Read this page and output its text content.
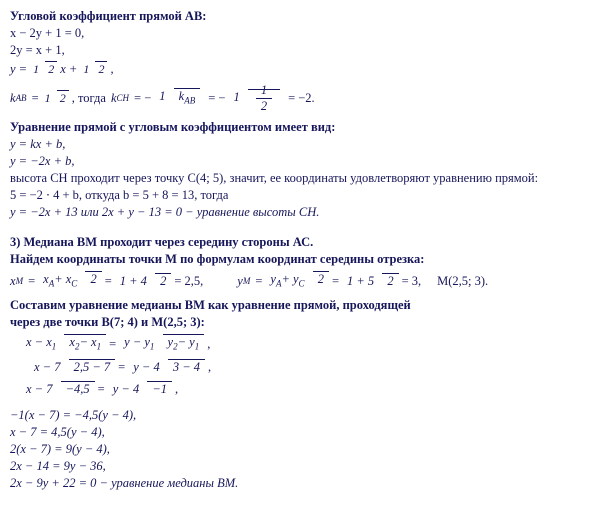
Угловой коэффициент прямой АВ:
х − 2у + 1 = 0,
2у = х + 1,
у = 1 2 х + 1 2 ,
k АВ = 1 2 , тогда k СН = − 1 $k_{АВ}$	= − $1 \frac{1}{2} = -2$.
Уравнение прямой с угловым коэффициентом имеет вид:
у = kх + b,
у = −2х + b,
высота СН проходит через точку С(4; 5), значит, ее координаты удовлетворяют уравнению прямой:
5 = −2 ⋅ 4 + b, откуда b = 5 + 8 = 13, тогда
у = −2х + 13 или 2х + у − 13 = 0 − уравнение высоты СН.
3) Медиана ВМ проходит через середину стороны АС.
Найдем координаты точки М по формулам координат середины отрезка:
х $М = х_А+ х_С$ 2 = 1 + 4 2 = 2,5,	у $М = у_А+ у_С$ 2 = 1 + 5 2 = 3, М(2,5; 3).
Составим уравнение медианы ВМ как уравнение прямой, проходящей
через две точки В(7; 4) и М(2,5; 3):
$х - х_1$ $х_2- х_1 = у - у_1$ $у_2- у_1$ ,
х − 7 2,5 − 7 = у − 4 3 − 4 ,
х − 7 −4,5 = у − 4 −1 ,
−1(х − 7) = −4,5(у − 4),
х − 7 = 4,5(у − 4),
2(х − 7) = 9(у − 4),
2х − 14 = 9у − 36,
2х − 9у + 22 = 0 − уравнение медианы ВМ.
